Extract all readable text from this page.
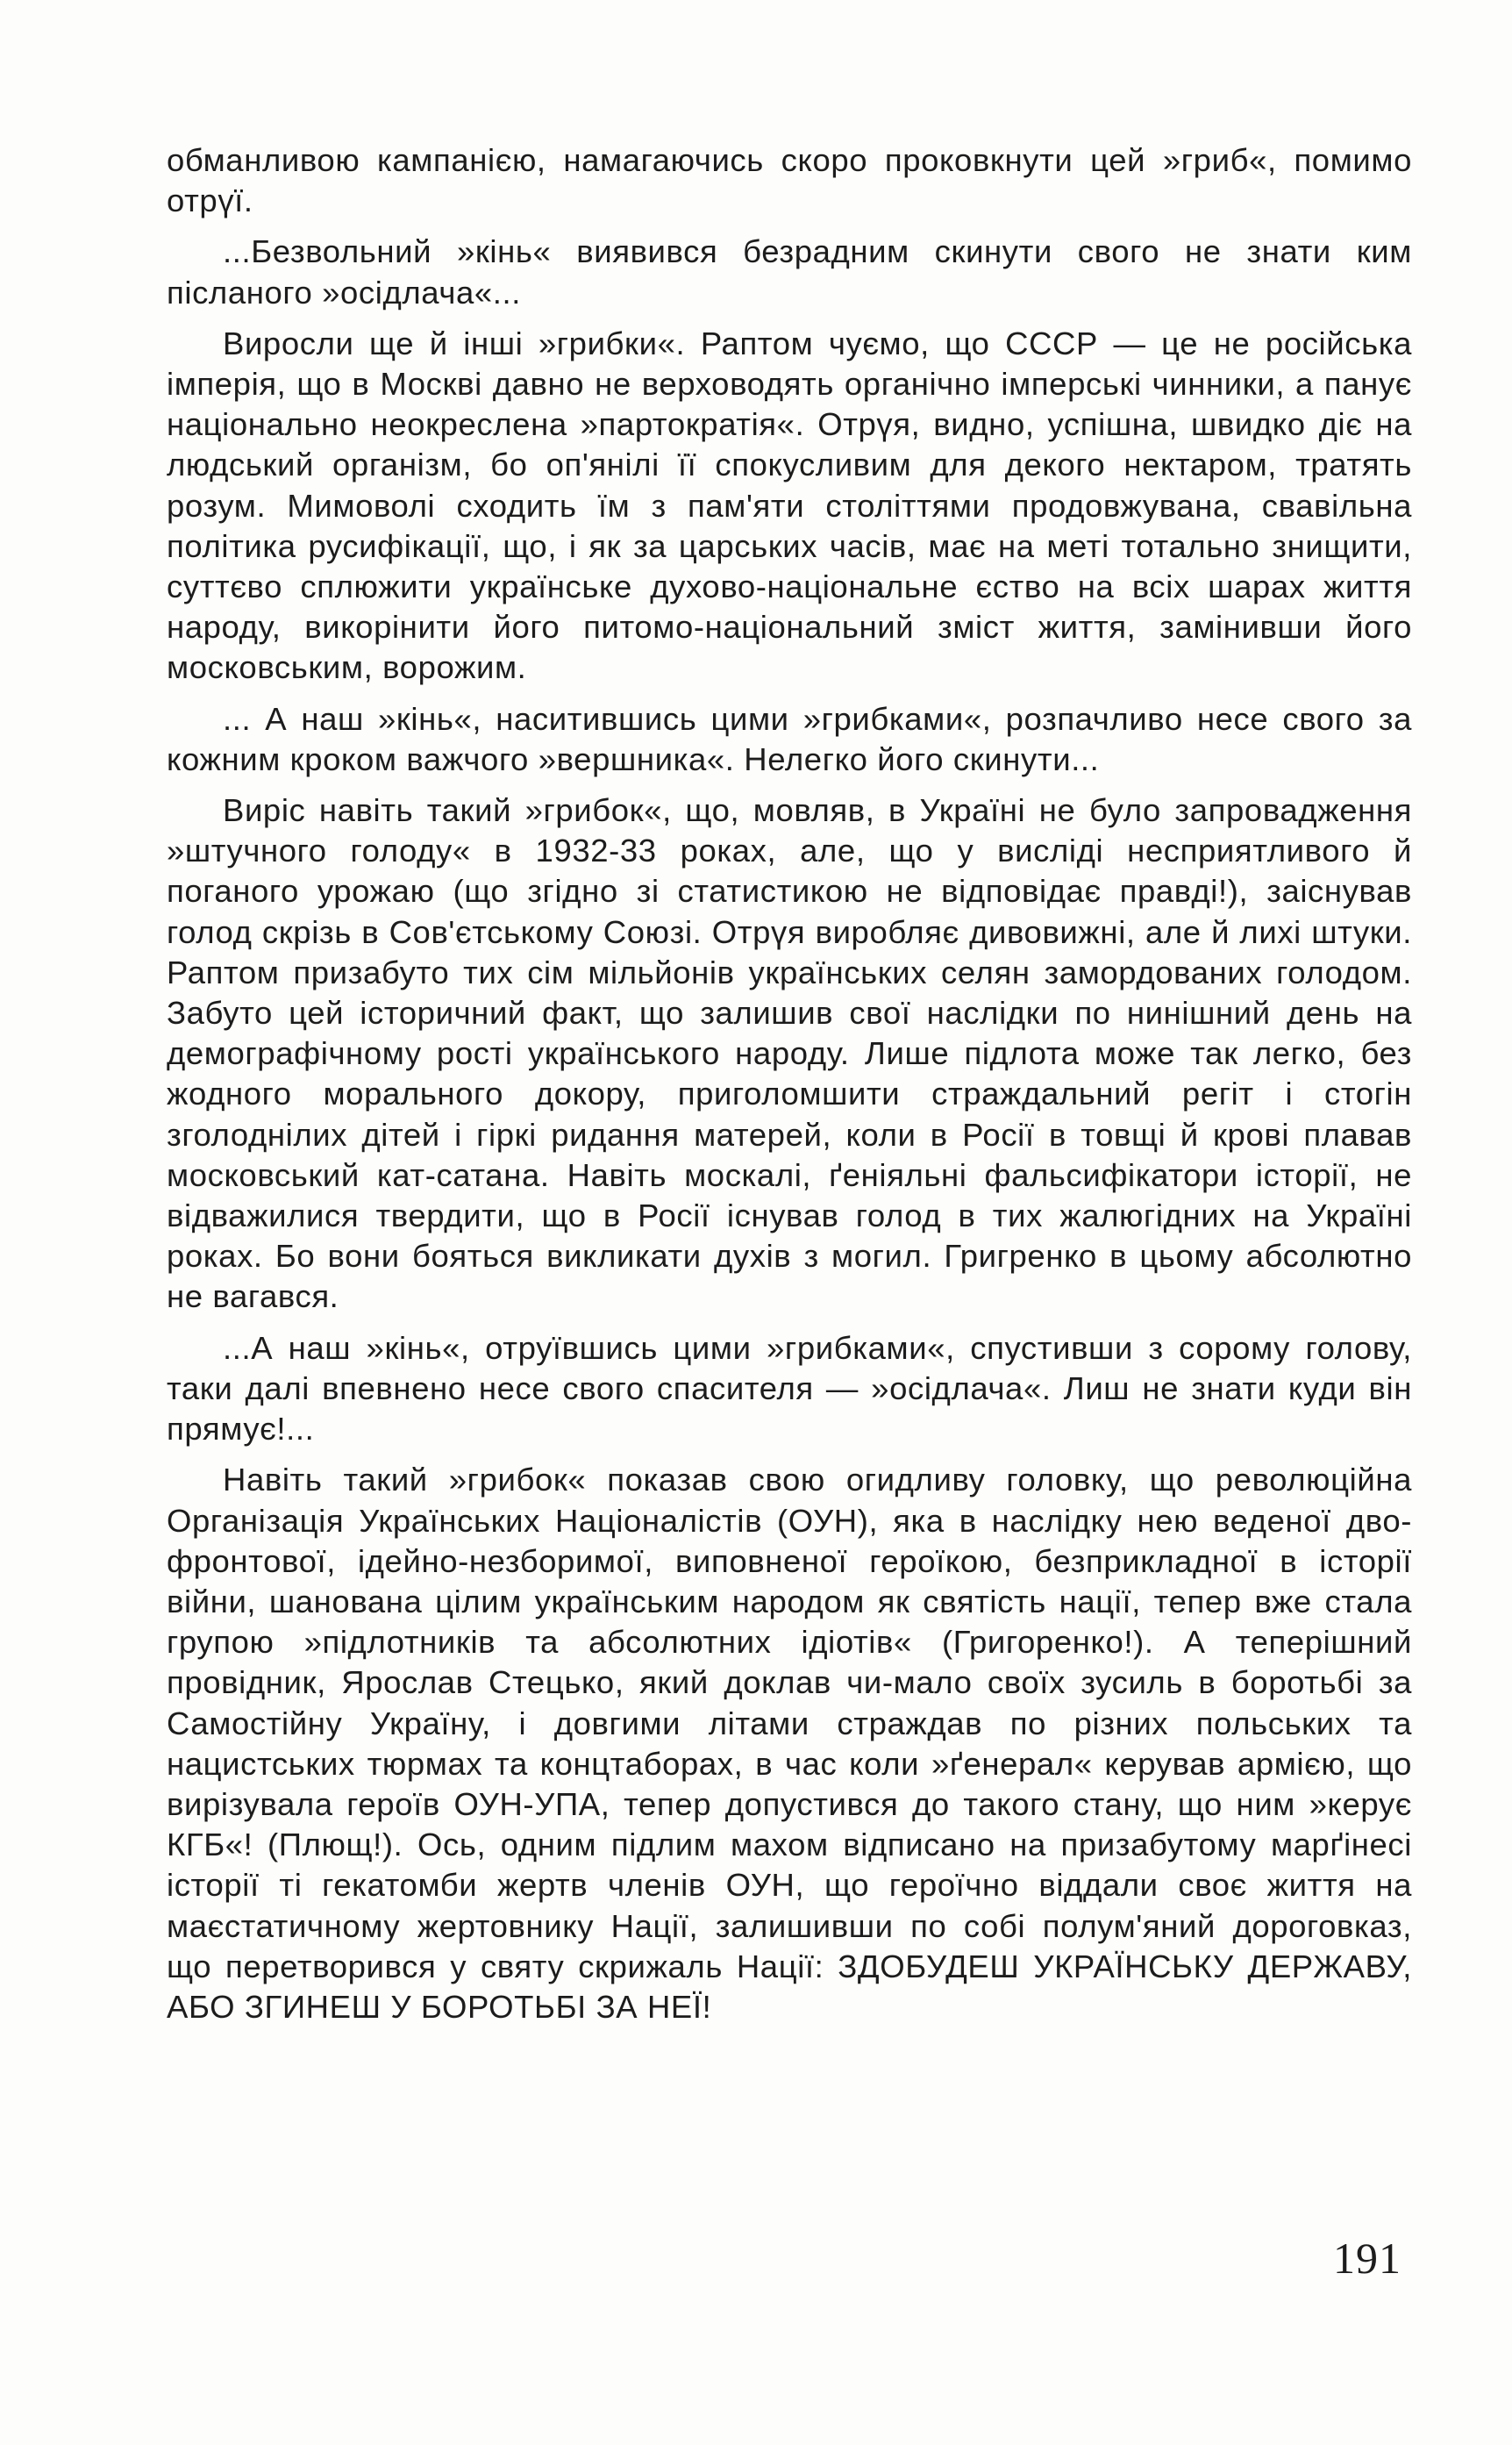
обманливою кампанією, намагаючись скоро проковкнути цей »гриб«, помимо отрүї.

...Безвольний »кінь« виявився безрадним скинути свого не знати ким післаного »осідлача«...

Виросли ще й інші »грибки«. Раптом чуємо, що СССР — це не російська імперія, що в Москві давно не верховодять органічно імперські чинники, а панує національно неокреслена »партократія«. Отрүя, видно, успішна, швидко діє на людський організм, бо оп'янілі її спокусливим для декого нектаром, тратять розум. Мимоволі сходить їм з пам'яти століттями продовжувана, свавільна політика русифікації, що, і як за царських часів, має на меті тотально знищити, суттєво сплюжити українське духово-національне єство на всіх шарах життя народу, викорінити його питомо-національний зміст життя, замінивши його московським, ворожим.

... А наш »кінь«, наситившись цими »грибками«, розпачливо несе свого за кожним кроком важчого »вершника«. Нелегко його скинути...

Виріс навіть такий »грибок«, що, мовляв, в Україні не було запровадження »штучного голоду« в 1932-33 роках, але, що у висліді несприятливого й поганого урожаю (що згідно зі статистикою не відповідає правді!), заіснував голод скрізь в Сов'єтському Союзі. Отрүя виробляє дивовижні, але й лихі штуки. Раптом призабуто тих сім мільйонів українських селян замордованих голодом. Забуто цей історичний факт, що залишив свої наслідки по нинішний день на демографічному рості українського народу. Лише підлота може так легко, без жодного морального докору, приголомшити страждальний регіт і стогін зголоднілих дітей і гіркі ридання матерей, коли в Росії в товщі й крові плавав московський кат-сатана. Навіть москалі, ґеніяльні фальсифікатори історії, не відважилися твердити, що в Росії існував голод в тих жалюгідних на Україні роках. Бо вони бояться викликати духів з могил. Григренко в цьому абсолютно не вагався.

...А наш »кінь«, отруївшись цими »грибками«, спустивши з сорому голову, таки далі впевнено несе свого спасителя — »осідлача«. Лиш не знати куди він прямує!...

Навіть такий »грибок« показав свою огидливу головку, що революційна Організація Українських Націоналістів (ОУН), яка в наслідку нею веденої дво-фронтової, ідейно-незборимої, виповненої героїкою, безприкладної в історії війни, шанована цілим українським народом як святість нації, тепер вже стала групою »підлотників та абсолютних ідіотів« (Григоренко!). А теперішний провідник, Ярослав Стецько, який доклав чи-мало своїх зусиль в боротьбі за Самостійну Україну, і довгими літами страждав по різних польських та нацистських тюрмах та концтаборах, в час коли »ґенерал« керував армією, що вирізувала героїв ОУН-УПА, тепер допустився до такого стану, що ним »керує КГБ«! (Плющ!). Ось, одним підлим махом відписано на призабутому марґінесі історії ті гекатомби жертв членів ОУН, що героїчно віддали своє життя на маєстатичному жертовнику Нації, залишивши по собі полум'яний дороговказ, що перетворився у святу скрижаль Нації: ЗДОБУДЕШ УКРАЇНСЬКУ ДЕРЖАВУ, АБО ЗГИНЕШ У БОРОТЬБІ ЗА НЕЇ!

191
